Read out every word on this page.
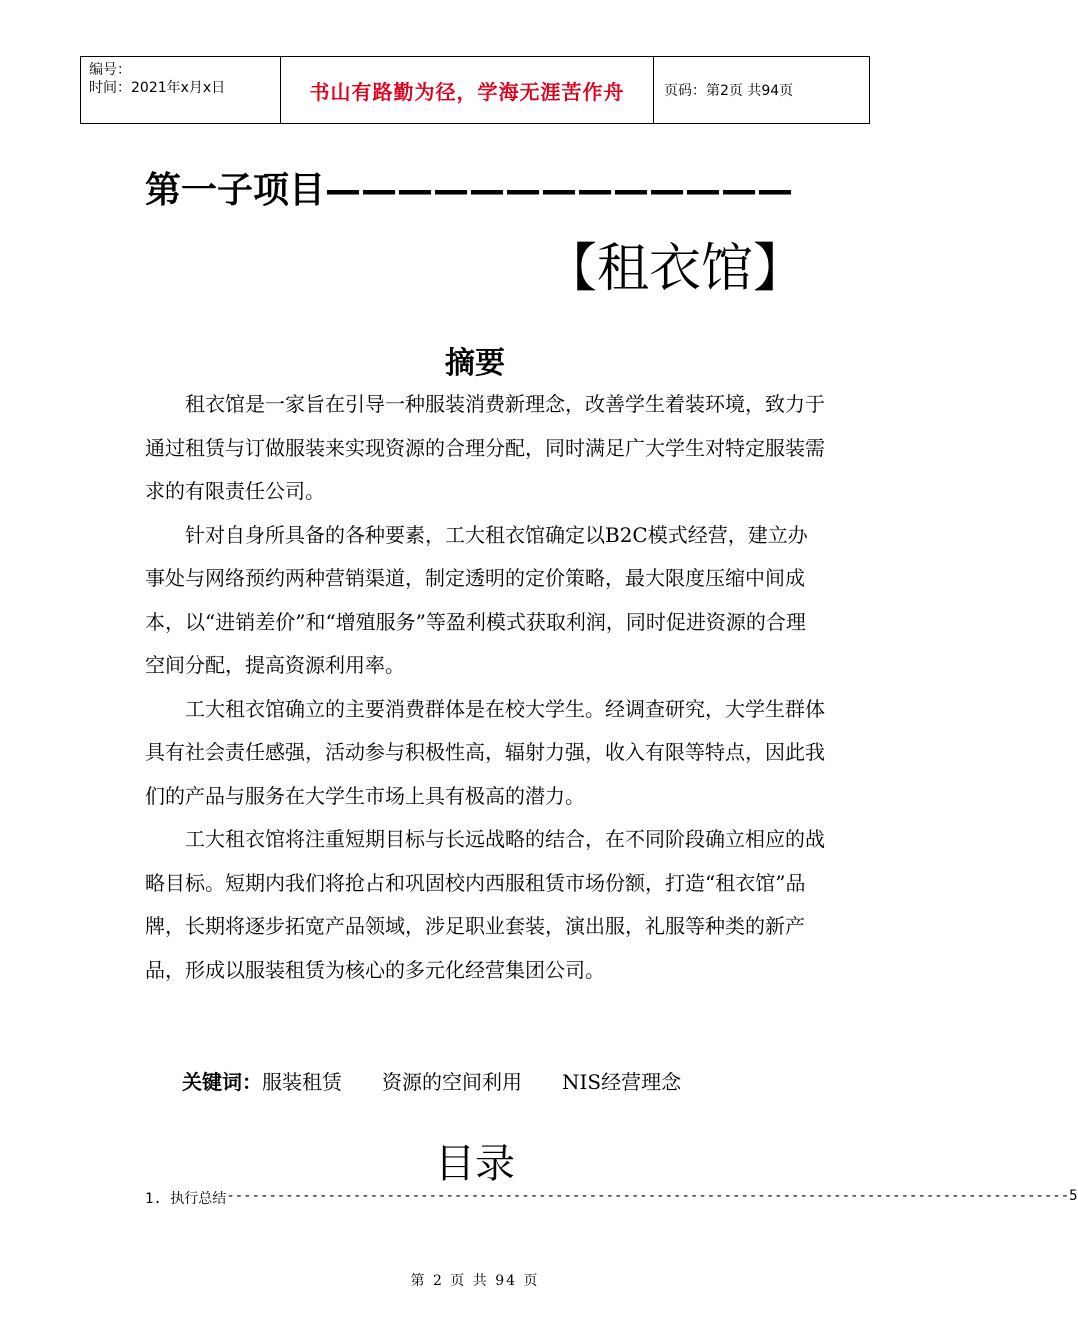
编号：
时间：2021年x月x日	书山有路勤为径，学海无涯苦作舟	页码：第2页 共94页
第一子项目—————————————
【租衣馆】
摘要

租衣馆是一家旨在引导一种服装消费新理念，改善学生着装环境，致力于通过租赁与订做服装来实现资源的合理分配，同时满足广大学生对特定服装需求的有限责任公司。

针对自身所具备的各种要素，工大租衣馆确定以B2C模式经营，建立办事处与网络预约两种营销渠道，制定透明的定价策略，最大限度压缩中间成本，以“进销差价”和“增殖服务”等盈利模式获取利润，同时促进资源的合理空间分配，提高资源利用率。

工大租衣馆确立的主要消费群体是在校大学生。经调查研究，大学生群体具有社会责任感强，活动参与积极性高，辐射力强，收入有限等特点，因此我们的产品与服务在大学生市场上具有极高的潜力。

工大租衣馆将注重短期目标与长远战略的结合，在不同阶段确立相应的战略目标。短期内我们将抢占和巩固校内西服租赁市场份额，打造“租衣馆”品牌，长期将逐步拓宽产品领域，涉足职业套装，演出服，礼服等种类的新产品，形成以服装租赁为核心的多元化经营集团公司。

关键词：服装租赁 资源的空间利用 NIS经营理念
目录
1. 执行总结 ---------------------------------------------------------------------------------------------------- 5
第 2 页 共 94 页
